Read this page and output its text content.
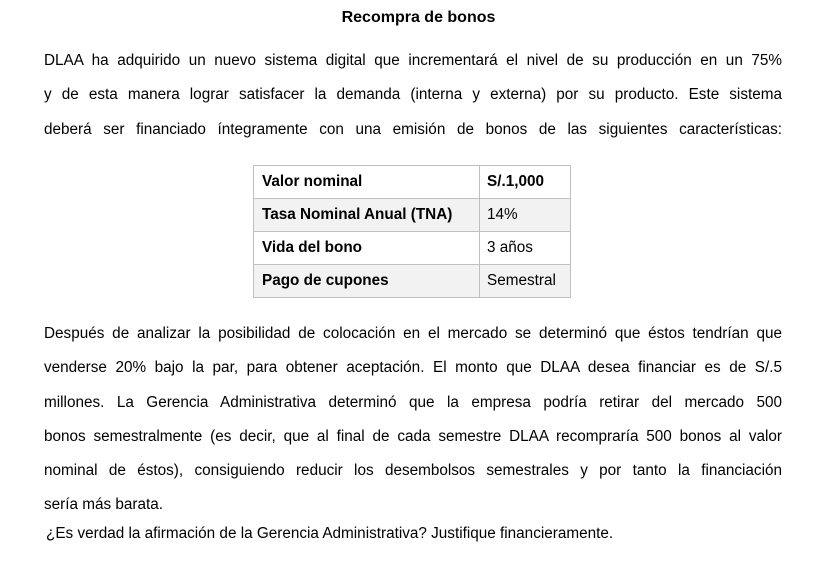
Recompra de bonos
DLAA ha adquirido un nuevo sistema digital que incrementará el nivel de su producción en un 75%
y de esta manera lograr satisfacer la demanda (interna y externa) por su producto. Este sistema
deberá ser financiado íntegramente con una emisión de bonos de las siguientes características:
Valor nominal	S/.1,000
Tasa Nominal Anual (TNA)	14%
Vida del bono	3 años
Pago de cupones	Semestral
Después de analizar la posibilidad de colocación en el mercado se determinó que éstos tendrían que
venderse 20% bajo la par, para obtener aceptación. El monto que DLAA desea financiar es de S/.5
millones. La Gerencia Administrativa determinó que la empresa podría retirar del mercado 500
bonos semestralmente (es decir, que al final de cada semestre DLAA recompraría 500 bonos al valor
nominal de éstos), consiguiendo reducir los desembolsos semestrales y por tanto la financiación
sería más barata.
¿Es verdad la afirmación de la Gerencia Administrativa? Justifique financieramente.
